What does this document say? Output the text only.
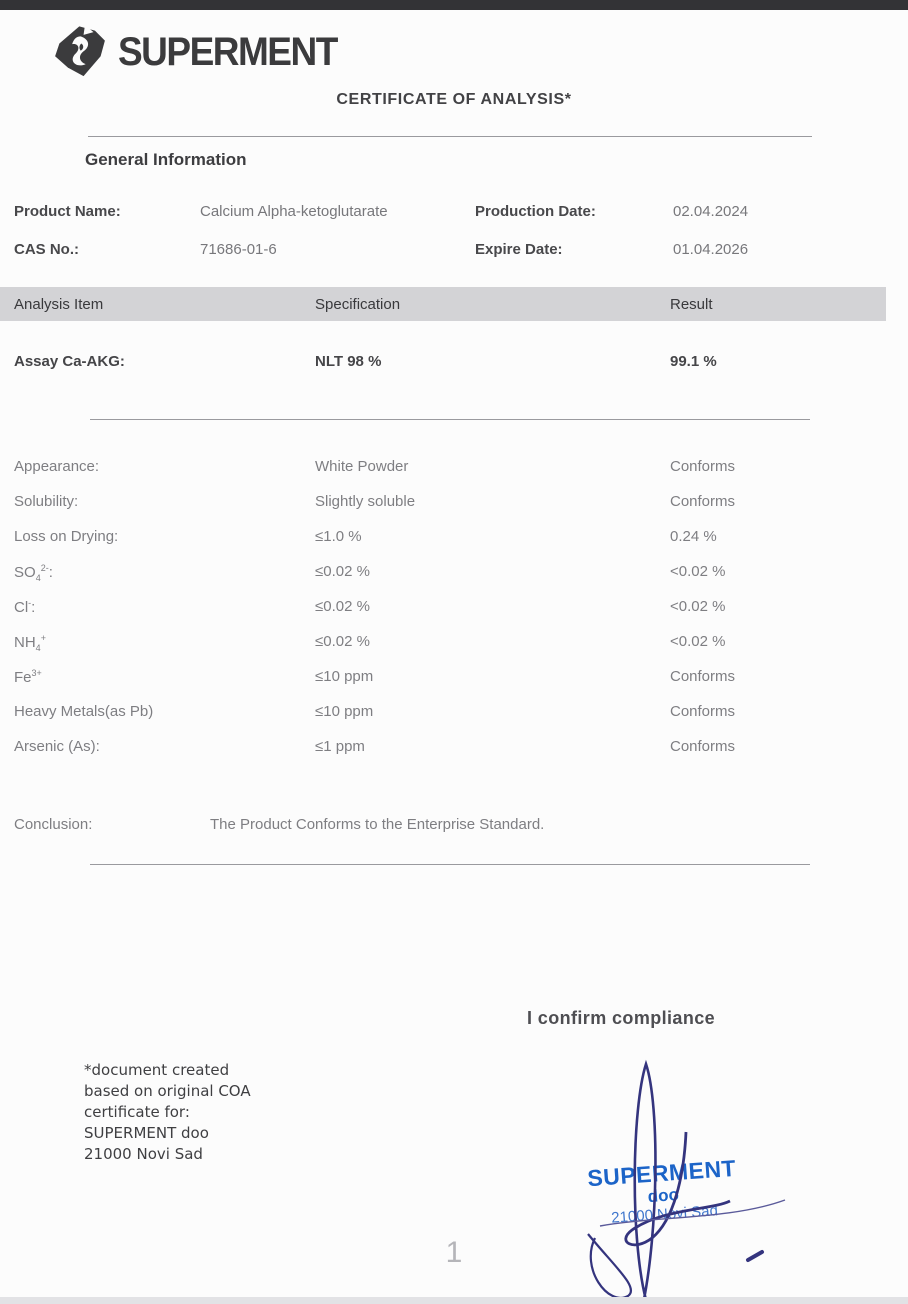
SUPERMENT
CERTIFICATE OF ANALYSIS*
General Information
Product Name:	Calcium Alpha-ketoglutarate	Production Date:	02.04.2024
CAS No.:	71686-01-6	Expire Date:	01.04.2026
Analysis Item	Specification	Result
Assay Ca-AKG:	NLT 98 %	99.1 %
Appearance:	White Powder	Conforms
Solubility:	Slightly soluble	Conforms
Loss on Drying:	≤1.0 %	0.24 %
$SO_4^{2-}$:	≤0.02 %	<0.02 %
Cl-:	≤0.02 %	<0.02 %
$NH_4^+$	≤0.02 %	<0.02 %
$Fe^{3+}$	≤10 ppm	Conforms
Heavy Metals(as Pb)	≤10 ppm	Conforms
Arsenic (As):	≤1 ppm	Conforms
Conclusion:	The Product Conforms to the Enterprise Standard.
I confirm compliance
*document created
based on original COA
certificate for:
SUPERMENT doo
21000 Novi Sad
SUPERMENT
doo
21000 Novi Sad
1
